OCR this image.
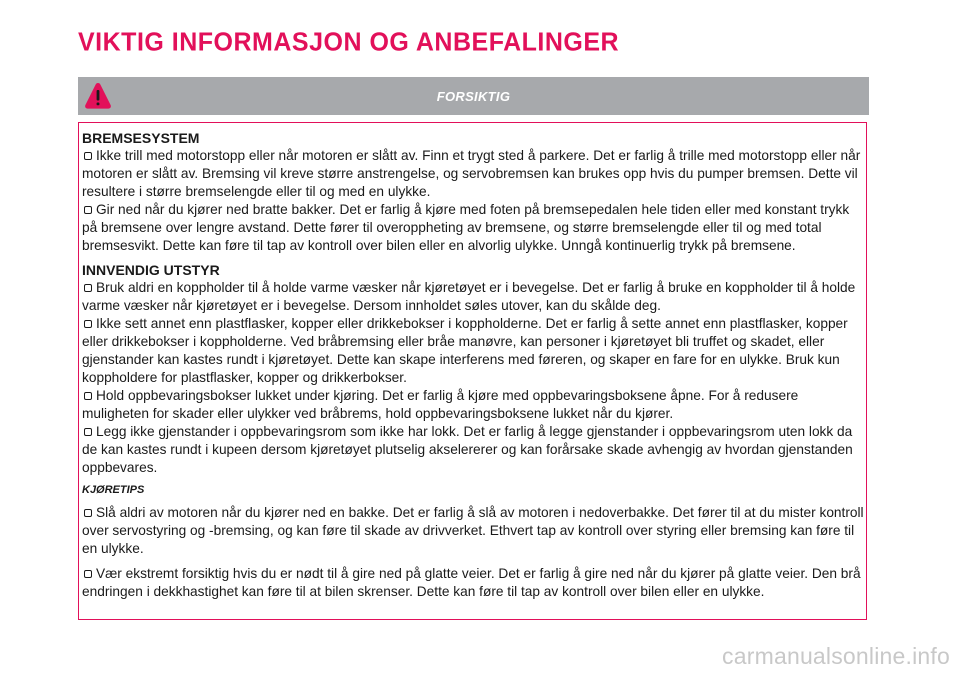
VIKTIG INFORMASJON OG ANBEFALINGER
FORSIKTIG

BREMSESYSTEM

Ikke trill med motorstopp eller når motoren er slått av. Finn et trygt sted å parkere. Det er farlig å trille med motorstopp eller når motoren er slått av. Bremsing vil kreve større anstrengelse, og servobremsen kan brukes opp hvis du pumper bremsen. Dette vil resultere i større bremselengde eller til og med en ulykke.

Gir ned når du kjører ned bratte bakker. Det er farlig å kjøre med foten på bremsepedalen hele tiden eller med konstant trykk på bremsene over lengre avstand. Dette fører til overoppheting av bremsene, og større bremselengde eller til og med total bremsesvikt. Dette kan føre til tap av kontroll over bilen eller en alvorlig ulykke. Unngå kontinuerlig trykk på bremsene.

INNVENDIG UTSTYR

Bruk aldri en koppholder til å holde varme væsker når kjøretøyet er i bevegelse. Det er farlig å bruke en koppholder til å holde varme væsker når kjøretøyet er i bevegelse. Dersom innholdet søles utover, kan du skålde deg.

Ikke sett annet enn plastflasker, kopper eller drikkebokser i koppholderne. Det er farlig å sette annet enn plastflasker, kopper eller drikkebokser i koppholderne. Ved bråbremsing eller bråe manøvre, kan personer i kjøretøyet bli truffet og skadet, eller gjenstander kan kastes rundt i kjøretøyet. Dette kan skape interferens med føreren, og skaper en fare for en ulykke. Bruk kun koppholdere for plastflasker, kopper og drikkerbokser.

Hold oppbevaringsbokser lukket under kjøring. Det er farlig å kjøre med oppbevaringsboksene åpne. For å redusere muligheten for skader eller ulykker ved bråbrems, hold oppbevaringsboksene lukket når du kjører.

Legg ikke gjenstander i oppbevaringsrom som ikke har lokk. Det er farlig å legge gjenstander i oppbevaringsrom uten lokk da de kan kastes rundt i kupeen dersom kjøretøyet plutselig akselererer og kan forårsake skade avhengig av hvordan gjenstanden oppbevares.

KJØRETIPS

Slå aldri av motoren når du kjører ned en bakke. Det er farlig å slå av motoren i nedoverbakke. Det fører til at du mister kontroll over servostyring og -bremsing, og kan føre til skade av drivverket. Ethvert tap av kontroll over styring eller bremsing kan føre til en ulykke.

Vær ekstremt forsiktig hvis du er nødt til å gire ned på glatte veier. Det er farlig å gire ned når du kjører på glatte veier. Den brå endringen i dekkhastighet kan føre til at bilen skrenser. Dette kan føre til tap av kontroll over bilen eller en ulykke.

carmanualsonline.info
